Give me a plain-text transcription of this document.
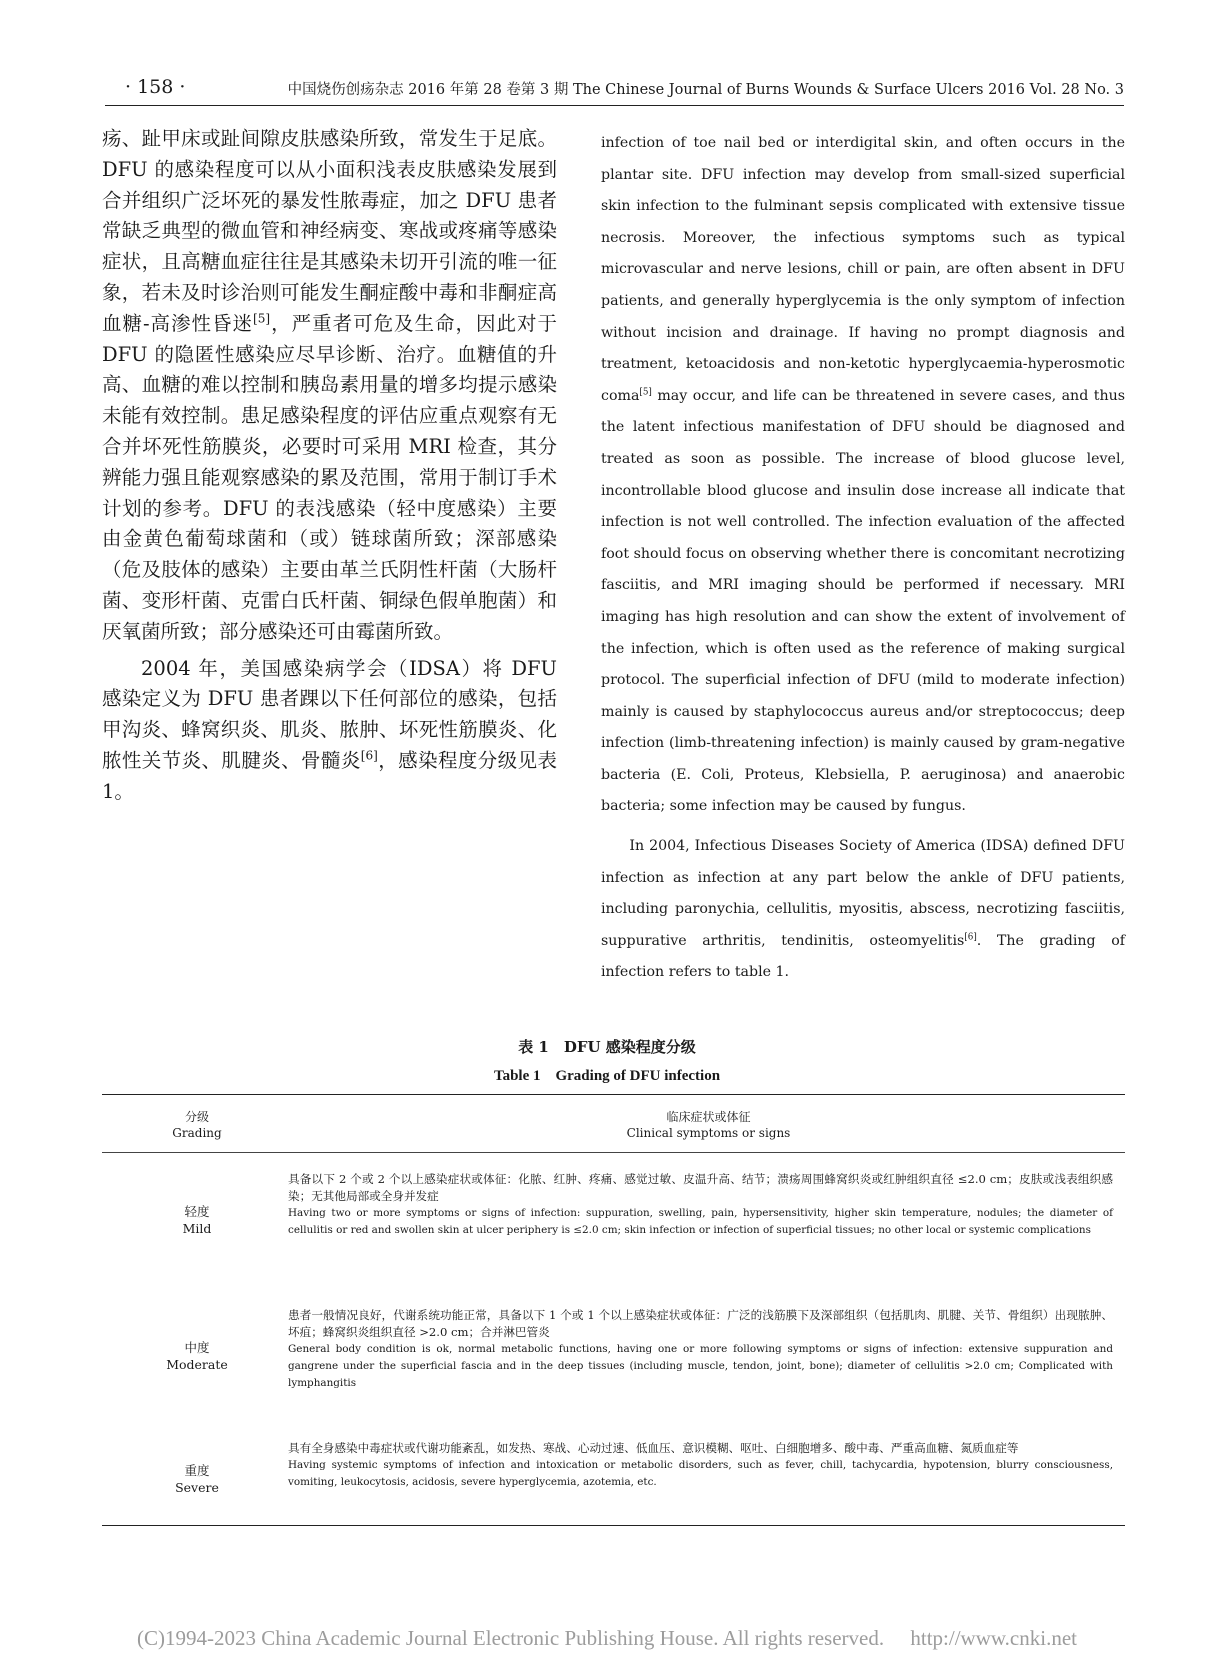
· 158 ·	中国烧伤创疡杂志 2016 年第 28 卷第 3 期 The Chinese Journal of Burns Wounds & Surface Ulcers 2016 Vol. 28 No. 3

疡、趾甲床或趾间隙皮肤感染所致，常发生于足底。DFU 的感染程度可以从小面积浅表皮肤感染发展到合并组织广泛坏死的暴发性脓毒症，加之 DFU 患者常缺乏典型的微血管和神经病变、寒战或疼痛等感染症状，且高糖血症往往是其感染未切开引流的唯一征象，若未及时诊治则可能发生酮症酸中毒和非酮症高血糖-高渗性昏迷[5]，严重者可危及生命，因此对于 DFU 的隐匿性感染应尽早诊断、治疗。血糖值的升高、血糖的难以控制和胰岛素用量的增多均提示感染未能有效控制。患足感染程度的评估应重点观察有无合并坏死性筋膜炎，必要时可采用 MRI 检查，其分辨能力强且能观察感染的累及范围，常用于制订手术计划的参考。DFU 的表浅感染（轻中度感染）主要由金黄色葡萄球菌和（或）链球菌所致；深部感染（危及肢体的感染）主要由革兰氏阴性杆菌（大肠杆菌、变形杆菌、克雷白氏杆菌、铜绿色假单胞菌）和厌氧菌所致；部分感染还可由霉菌所致。

2004 年，美国感染病学会（IDSA）将 DFU 感染定义为 DFU 患者踝以下任何部位的感染，包括甲沟炎、蜂窝织炎、肌炎、脓肿、坏死性筋膜炎、化脓性关节炎、肌腱炎、骨髓炎[6]，感染程度分级见表 1。

infection of toe nail bed or interdigital skin, and often occurs in the plantar site. DFU infection may develop from small-sized superficial skin infection to the fulminant sepsis complicated with extensive tissue necrosis. Moreover, the infectious symptoms such as typical microvascular and nerve lesions, chill or pain, are often absent in DFU patients, and generally hyperglycemia is the only symptom of infection without incision and drainage. If having no prompt diagnosis and treatment, ketoacidosis and non-ketotic hyperglycaemia-hyperosmotic coma[5] may occur, and life can be threatened in severe cases, and thus the latent infectious manifestation of DFU should be diagnosed and treated as soon as possible. The increase of blood glucose level, incontrollable blood glucose and insulin dose increase all indicate that infection is not well controlled. The infection evaluation of the affected foot should focus on observing whether there is concomitant necrotizing fasciitis, and MRI imaging should be performed if necessary. MRI imaging has high resolution and can show the extent of involvement of the infection, which is often used as the reference of making surgical protocol. The superficial infection of DFU (mild to moderate infection) mainly is caused by staphylococcus aureus and/or streptococcus; deep infection (limb-threatening infection) is mainly caused by gram-negative bacteria (E. Coli, Proteus, Klebsiella, P. aeruginosa) and anaerobic bacteria; some infection may be caused by fungus.

In 2004, Infectious Diseases Society of America (IDSA) defined DFU infection as infection at any part below the ankle of DFU patients, including paronychia, cellulitis, myositis, abscess, necrotizing fasciitis, suppurative arthritis, tendinitis, osteomyelitis[6]. The grading of infection refers to table 1.

表 1　DFU 感染程度分级
Table 1　Grading of DFU infection
分级
Grading
临床症状或体征
Clinical symptoms or signs
轻度
Mild
具备以下 2 个或 2 个以上感染症状或体征：化脓、红肿、疼痛、感觉过敏、皮温升高、结节；溃疡周围蜂窝织炎或红肿组织直径 ≤2.0 cm；皮肤或浅表组织感染；无其他局部或全身并发症
Having two or more symptoms or signs of infection: suppuration, swelling, pain, hypersensitivity, higher skin temperature, nodules; the diameter of cellulitis or red and swollen skin at ulcer periphery is ≤2.0 cm; skin infection or infection of superficial tissues; no other local or systemic complications
中度
Moderate
患者一般情况良好，代谢系统功能正常，具备以下 1 个或 1 个以上感染症状或体征：广泛的浅筋膜下及深部组织（包括肌肉、肌腱、关节、骨组织）出现脓肿、坏疽；蜂窝织炎组织直径 >2.0 cm；合并淋巴管炎
General body condition is ok, normal metabolic functions, having one or more following symptoms or signs of infection: extensive suppuration and gangrene under the superficial fascia and in the deep tissues (including muscle, tendon, joint, bone); diameter of cellulitis >2.0 cm; Complicated with lymphangitis
重度
Severe
具有全身感染中毒症状或代谢功能紊乱，如发热、寒战、心动过速、低血压、意识模糊、呕吐、白细胞增多、酸中毒、严重高血糖、氮质血症等
Having systemic symptoms of infection and intoxication or metabolic disorders, such as fever, chill, tachycardia, hypotension, blurry consciousness, vomiting, leukocytosis, acidosis, severe hyperglycemia, azotemia, etc.
(C)1994-2023 China Academic Journal Electronic Publishing House. All rights reserved.　 http://www.cnki.net
